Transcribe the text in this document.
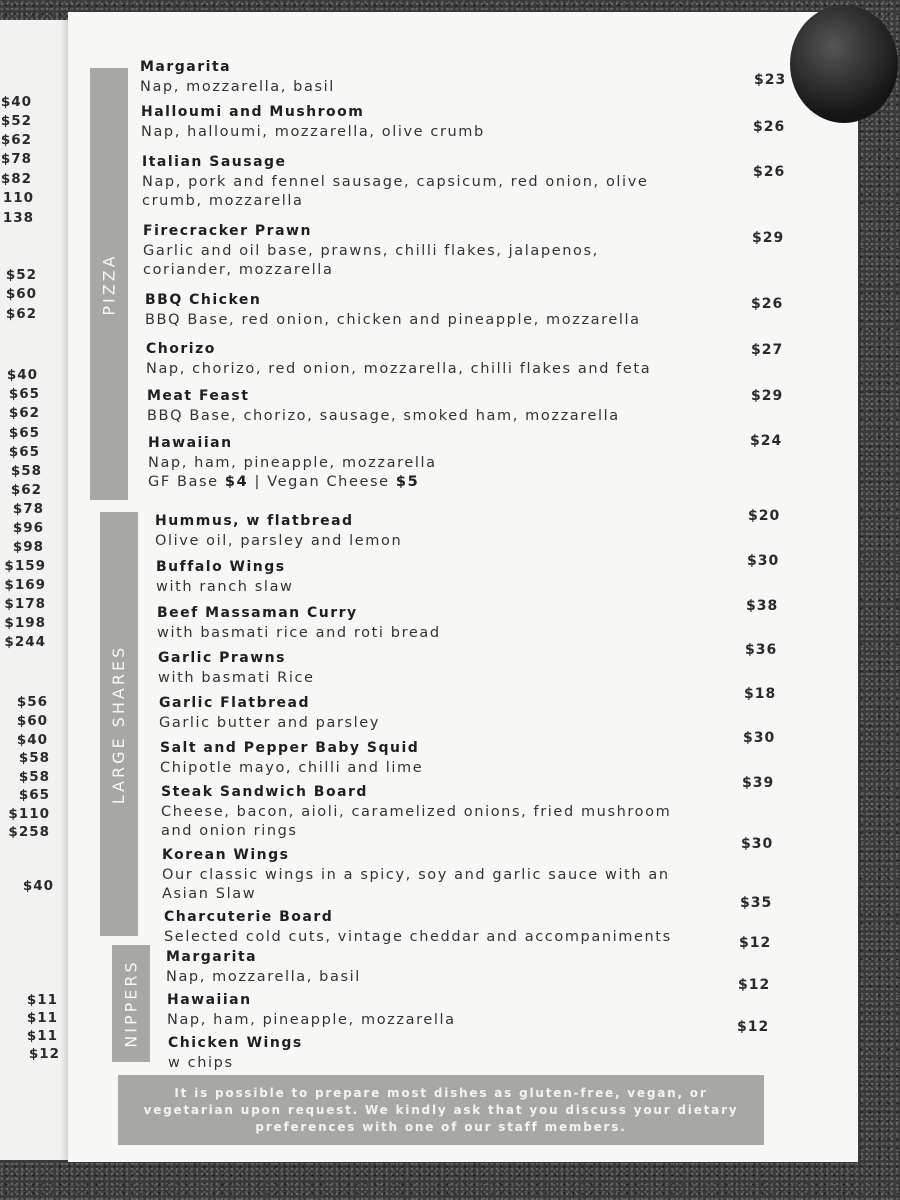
$40
$52
$62
$78
$82
110
138
$52
$60
$62
$40
$65
$62
$65
$65
$58
$62
$78
$96
$98
$159
$169
$178
$198
$244
$56
$60
$40
$58
$58
$65
$110
$258
$40
$11
$11
$11
$12
PIZZA
LARGE SHARES
NIPPERS
Margarita
Nap, mozzarella, basil	$23
Halloumi and Mushroom
Nap, halloumi, mozzarella, olive crumb	$26
Italian Sausage
Nap, pork and fennel sausage, capsicum, red onion, olive crumb, mozzarella
$26
Firecracker Prawn
Garlic and oil base, prawns, chilli flakes, jalapenos, coriander, mozzarella
$29
BBQ Chicken
BBQ Base, red onion, chicken and pineapple, mozzarella
$26
Chorizo
Nap, chorizo, red onion, mozzarella, chilli flakes and feta
$27
Meat Feast
BBQ Base, chorizo, sausage, smoked ham, mozzarella
$29
Hawaiian
Nap, ham, pineapple, mozzarella
$24
GF Base $4 | Vegan Cheese $5
Hummus, w flatbread
Olive oil, parsley and lemon
$20
Buffalo Wings
with ranch slaw
$30
Beef Massaman Curry
with basmati rice and roti bread
$38
Garlic Prawns
with basmati Rice
$36
Garlic Flatbread
Garlic butter and parsley
$18
Salt and Pepper Baby Squid
Chipotle mayo, chilli and lime
$30
Steak Sandwich Board
Cheese, bacon, aioli, caramelized onions, fried mushroom and onion rings
$39
Korean Wings
Our classic wings in a spicy, soy and garlic sauce with an Asian Slaw
$30
Charcuterie Board
Selected cold cuts, vintage cheddar and accompaniments
$35
Margarita
Nap, mozzarella, basil
$12
Hawaiian
Nap, ham, pineapple, mozzarella
$12
Chicken Wings
w chips
$12
It is possible to prepare most dishes as gluten-free, vegan, or vegetarian upon request. We kindly ask that you discuss your dietary preferences with one of our staff members.
